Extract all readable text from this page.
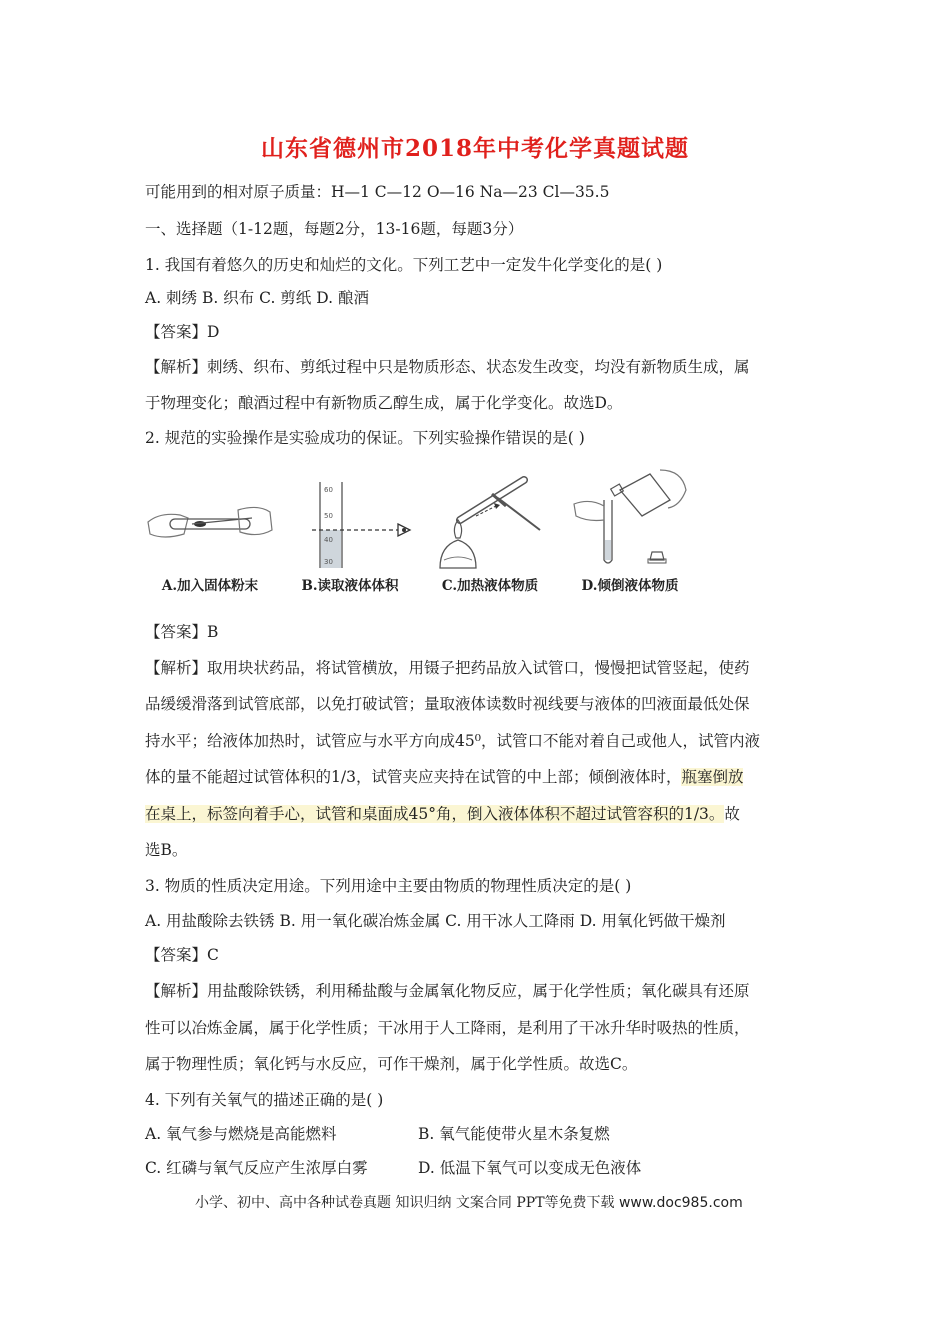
山东省德州市2018年中考化学真题试题
可能用到的相对原子质量：H—1 C—12 O—16 Na—23 Cl—35.5
一、选择题（1-12题，每题2分，13-16题，每题3分）
1. 我国有着悠久的历史和灿烂的文化。下列工艺中一定发牛化学变化的是( )
A. 刺绣 B. 织布 C. 剪纸 D. 酿酒
【答案】D
【解析】刺绣、织布、剪纸过程中只是物质形态、状态发生改变，均没有新物质生成，属
于物理变化；酿酒过程中有新物质乙醇生成，属于化学变化。故选D。
2. 规范的实验操作是实验成功的保证。下列实验操作错误的是( )
A.加入固体粉末
60
50
40
30
B.读取液体体积	C.加热液体物质	D.倾倒液体物质
【答案】B
【解析】取用块状药品，将试管横放，用镊子把药品放入试管口，慢慢把试管竖起，使药
品缓缓滑落到试管底部，以免打破试管；量取液体读数时视线要与液体的凹液面最低处保
持水平；给液体加热时，试管应与水平方向成45⁰，试管口不能对着自己或他人，试管内液
体的量不能超过试管体积的1/3，试管夹应夹持在试管的中上部；倾倒液体时，瓶塞倒放
在桌上，标签向着手心，试管和桌面成45°角，倒入液体体积不超过试管容积的1/3。故
选B。
3. 物质的性质决定用途。下列用途中主要由物质的物理性质决定的是( )
A. 用盐酸除去铁锈 B. 用一氧化碳冶炼金属 C. 用干冰人工降雨 D. 用氧化钙做干燥剂
【答案】C
【解析】用盐酸除铁锈，利用稀盐酸与金属氧化物反应，属于化学性质；氧化碳具有还原
性可以冶炼金属，属于化学性质；干冰用于人工降雨，是利用了干冰升华时吸热的性质，
属于物理性质；氧化钙与水反应，可作干燥剂，属于化学性质。故选C。
4. 下列有关氧气的描述正确的是( )
A. 氧气参与燃烧是高能燃料	B. 氧气能使带火星木条复燃
C. 红磷与氧气反应产生浓厚白雾	D. 低温下氧气可以变成无色液体
小学、初中、高中各种试卷真题 知识归纳 文案合同 PPT等免费下载 www.doc985.com
